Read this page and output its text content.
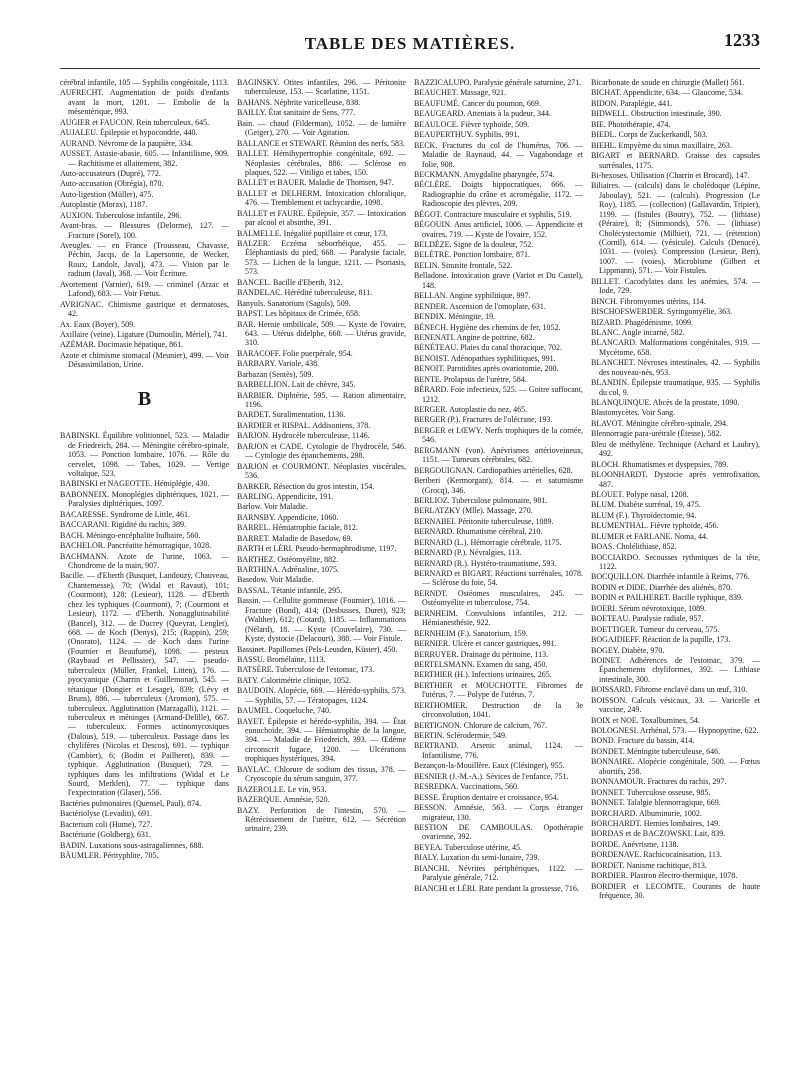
TABLE DES MATIÈRES.	1233

cérébral infantile, 105 — Syphilis congénitale, 1113.

AUFRECHT. Augmentation de poids d'enfants avant la mort, 1201. — Embolie de la mésentérique, 993.

AUGIER et FAUCON. Rein tuberculeux, 645.

AUJALEU. Épilepsie et hypocondrie, 440.

AURAND. Névrome de la paupière, 334.

AUSSET. Astasie-abasie, 605. — Infantilisme, 909. — Rachitisme et allaitement, 382.

Auto-accusateurs (Dupré), 772.

Auto-accusation (Obrégia), 870.

Auto-ligestion (Müller), 475.

Autoplastie (Morax), 1187.

AUXION. Tuberculose infantile, 296.

Avant-bras. — Blessures (Delorme), 127. — Fracture (Sorel), 100.

Aveugles. — en France (Trousseau, Chavasse, Péchin, Jacqs, de la Lapersonne, de Wecker, Roux, Landolt, Javal), 473. — Vision par le radium (Javal), 368. — Voir Écriture.

Avortement (Varnier), 619. — criminel (Arzac et Lafond), 683. — Voir Fœtus.

AVRIGNAC. Chimisme gastrique et dermatoses, 42.

Ax. Eaux (Boyer), 509.

Axillaire (veine). Ligature (Dumoulin, Mériel), 741.

AZÉMAR. Docimasie hépatique, 861.

Azote et chimisme stomacal (Meunier), 499. — Voir Désassimilation, Urine.

B

BABINSKI. Équilibre volitionnel, 523. — Maladie de Friedreich, 284. — Méningite cérébro-spinale, 1053. — Ponction lombaire, 1076. — Rôle du cervelet, 1098. — Tabes, 1029. — Vertige voltaïque, 523.

BABINSKI et NAGEOTTE. Hémiplégie, 430.

BABONNEIX. Monoplégies diphtériques, 1021. — Paralysies diphtériques, 1097.

BACARESSE. Syndrome de Little, 461.

BACCARANI. Rigidité du rachis, 389.

BACH. Méningo-encéphalite bulbaire, 560.

BACHELOR. Pancréatite hémorragique, 1028.

BACHMANN. Azote de l'urine, 1063. — Chondrome de la main, 907.

Bacille. — d'Eberth (Busquet, Landouzy, Chauveau, Chantemesse), 70; (Widal et Ravaut), 101; (Courmont), 128; (Lesieur), 1128. — d'Eberth chez les typhiques (Courmont), 7; (Courmont et Lesieur), 1172. — d'Eberth. Nonagglutinabilité (Bancel), 312. — de Ducrey (Queyrat, Lenglet), 668. — de Koch (Denys), 215; (Rappin), 259; (Onorato), 1124. — de Koch dans l'urine (Fournier et Beaufumé), 1098. — pesteux (Raybaud et Pellissier), 547. — pseudo-tuberculeux (Müller, Frankel, Litten), 176. — pyocyanique (Charrin et Guillemonat), 545. — tétanique (Dongier et Lesage), 839; (Lévy et Bruns), 886. — tuberculeux (Aronson), 575. — tuberculeux. Agglutination (Marzagalli), 1121. — tuberculeux et méninges (Armand-Delille), 667. — tuberculeux. Formes actinomycosiques (Dalous), 519. — tuberculeux. Passage dans les chylifères (Nicolas et Descos), 691. — typhique (Cambier), 6; (Bodin et Pailheret), 839. — typhique. Agglutination (Busquet), 729. — typhiques dans les infiltrations (Widal et Le Sourd, Merklen), 77. — typhique dans l'expectoration (Glaser), 556.

Bactéries pulmonaires (Quensel, Paul), 874.

Bactériolyse (Levaditi), 691.

Bacterium coli (Hume), 727.

Bactériurie (Goldberg), 631.

BADIN. Luxations sous-astragaliennes, 688.

BÄUMLER. Pérityphlite, 705.

BAGINSKY. Otites infantiles, 296. — Péritonite tuberculeuse, 153. — Scarlatine, 1151.

BAHANS. Néphrite varicelleuse, 838.

BAILLY. État sanitaire de Sens, 777.

Bain. — chaud (Filderman), 1052. — de lumière (Geiger), 270. — Voir Agitation.

BALLANCE et STEWART. Réunion des nerfs, 583.

BALLET. Hémihypertrophie congénitale, 692. — Néoplasies cérébrales, 886. — Sclérose en plaques, 522. — Vitiligo et tabes, 150.

BALLET et BAUER. Maladie de Thomsen, 947.

BALLET et DELHERM. Intoxication chloralique, 476. — Tremblement et tachycardie, 1098.

BALLET et FAURE. Épilepsie, 357. — Intoxication par alcool et absinthe, 391.

BALMELLE. Inégalité pupillaire et cœur, 173.

BALZER. Eczéma séborrhéique, 455. — Éléphantiasis du pied, 668. — Paralysie faciale, 573. — Lichen de la langue, 1211. — Psoriasis, 573.

BANCEL. Bacille d'Eberth, 312.

BANDELAC. Hérédité tuberculeuse, 811.

Banyuls. Sanatorium (Sagols), 509.

BAPST. Les hôpitaux de Crimée, 658.

BAR. Hernie ombilicale, 509. — Kyste de l'ovaire, 643. — Utérus didelphe, 668. — Utérus gravide, 310.

BARACOFF. Folie puerpérale, 954.

BARBARY. Variole, 438.

Barbazan (Sentès), 509.

BARBELLION. Lait de chèvre, 345.

BARBIER. Diphtérie, 595. — Ration alimentaire, 1196.

BARDET. Suralimentation, 1136.

BARDIER et RISPAL. Addisoniens, 378.

BARJON. Hydrocèle tuberculeuse, 1146.

BARJON et CADE. Cytologie de l'hydrocèle, 546. — Cytologie des épanchements, 298.

BARJON et COURMONT. Néoplasies viscérales, 536.

BARKER. Résection du gros intestin, 154.

BARLING. Appendicite, 191.

Barlow. Voir Maladie.

BARNSBY. Appendicite, 1060.

BARREL. Hémiatrophie faciale, 812.

BARRET. Maladie de Basedow, 69.

BARTH et LÉRI. Pseudo-hermaphrodisme, 1197.

BARTHEZ. Ostéomyélite, 882.

BARTHINA. Adrénaline, 1075.

Basedow. Voir Maladie.

BASSAL. Tétanie infantile, 295.

Bassin. — Cellulite gommeuse (Fournier), 1016. — Fracture (Bond), 414; (Desbusses, Duret), 923; (Walther), 612; (Cotard), 1185. — Inflammations (Nélard), 18. — Kyste (Couvelaire), 730. — Kyste, dystocie (Delacourt), 388. — Voir Fistule.

Bassinet. Papillomes (Pels-Leusden, Küster), 450.

BASSU. Bromélaïne, 1113.

BATSÈRE. Tuberculose de l'estomac, 173.

BATY. Calorimétrie clinique, 1052.

BAUDOIN. Alopécie, 669. — Hérédo-syphilis, 573. — Syphilis, 57. — Tératopages, 1124.

BAUMEL. Coqueluche, 740.

BAYET. Épilepsie et hérédo-syphilis, 394. — État eunuchoïde, 394. — Hémiatrophie de la langue, 394. — Maladie de Friedreich, 393. — Œdème circonscrit fugace, 1200. — Ulcérations trophiques hystériques, 394.

BAYLAC. Chlorure de sodium des tissus, 378. — Cryoscopie du sérum sanguin, 377.

BAZEROLLE. Le vin, 953.

BAZERQUE. Amnésie, 520.

BAZY. Perforation de l'intestin, 570. — Rétrécissement de l'urètre, 612. — Sécrétion urinaire, 239.

BAZZICALUPO. Paralysie générale saturnine, 271.

BEAUCHET. Massage, 921.

BEAUFUMÉ. Cancer du poumon, 669.

BEAUGEARD. Attentats à la pudeur, 344.

BEAULOCE. Fièvre typhoïde, 509.

BEAUPERTHUY. Syphilis, 991.

BECK. Fractures du col de l'humérus, 706. — Maladie de Raynaud, 44. — Vagabondage et folie, 908.

BECKMANN. Amygdalite pharyngée, 574.

BÉCLÈRE. Doigts hippocratiques, 666. — Radiographie du crâne et acromégalie, 1172. — Radioscopie des plèvres, 209.

BÉGOT. Contracture musculaire et syphilis, 519.

BÉGOUIN. Anus artificiel, 1006. — Appendicite et ovaires, 719. — Kyste de l'ovaire, 152.

BELDÈZE. Signe de la douleur, 752.

BELÈTRE. Ponction lombaire, 871.

BELIN. Sinusite frontale, 522.

Belladone. Intoxication grave (Variot et Du Castel), 148.

BELLAN. Angine syphilitique, 997.

BENDER. Ascension de l'omoplate, 631.

BENDIX. Méningite, 19.

BÉNECH. Hygiène des chemins de fer, 1052.

BENENATI. Angine de poitrine, 682.

BÉNÉTEAU. Plaies du canal thoracique, 702.

BENOIST. Adénopathies syphilitiques, 991.

BENOIT. Parotidites après ovariotomie, 200.

BENTE. Prolapsus de l'urètre, 584.

BÉRARD. Foie infectieux, 525. — Goitre suffocant, 1212.

BERGER. Autoplastie du nez, 465.

BERGER (P.). Fractures de l'olécrane, 193.

BERGER et LŒWY. Nerfs trophiques de la cornée, 546.

BERGMANN (von). Anévrismes artérioveineux, 1151. — Tumeurs cérébrales, 682.

BERGOUIGNAN. Cardiopathies artérielles, 628.

Beriberi (Kermorgant), 814. — et saturnisme (Grocq), 346.

BERLIOZ. Tuberculose pulmonaire, 981.

BERLATZKY (Mlle). Massage, 270.

BERNABEI. Péritonite tuberculeuse, 1089.

BERNARD. Rhumatisme cérébral, 210.

BERNARD (L.). Hémorragie cérébrale, 1175.

BERNARD (P.). Névralgies, 113.

BERNARD (R.). Hystéro-traumatisme, 593.

BERNARD et BIGART. Réactions surrénales, 1078. — Sclérose du foie, 54.

BERNDT. Ostéomes musculaires, 245. — Ostéomyélite et tuberculose, 754.

BERNHEIM. Convulsions infantiles, 212. — Hémianesthésie, 922.

BERNHEIM (F.). Sanatorium, 159.

BERNIER. Ulcère et cancer gastriques, 991.

BERRUYER. Drainage du péritoine, 113.

BERTELSMANN. Examen du sang, 450.

BERTHIER (H.). Infections urinaires, 265.

BERTHIER et MOUCHOTTE. Fibromes de l'utérus, 7. — Polype de l'utérus, 7.

BERTHOMIER. Destruction de la 3e circonvolution, 1041.

BERTIGNON. Chlorure de calcium, 767.

BERTIN. Sclérodermie, 549.

BERTRAND. Arsenic animal, 1124. — Infantilisme, 776.

Bezançon-la-Mouillère. Eaux (Clésinger), 955.

BESNIER (J.-M.-A.). Sévices de l'enfance, 751.

BESREDKA. Vaccinations, 560.

BESSE. Éruption dentaire et croissance, 954.

BESSON. Amnésie, 563. — Corps étranger migrateur, 130.

BESTION DE CAMBOULAS. Opothérapie ovarienne, 392.

BEYEA. Tuberculose utérine, 45.

BIALY. Luxation du semi-lunaire, 739.

BIANCHI. Névrites périphériques, 1122. — Paralysie générale, 712.

BIANCHI et LÉRI. Rate pendant la grossesse, 716.

Bicarbonate de soude en chirurgie (Mallet) 561.

BICHAT. Appendicite, 634. — Glaucome, 534.

BIDON. Paraplégie, 441.

BIDWELL. Obstruction intestinale, 390.

BIE. Photothérapie, 474.

BIEDL. Corps de Zuckerkandl, 503.

BIEHL. Empyème du sinus maxillaire, 263.

BIGART et BERNARD. Graisse des capsules surrénales, 1175.

Bi-hexoses. Utilisation (Charrin et Brocard), 147.

Biliaires. — (calculs) dans le cholédoque (Lépine, Jaboulay), 521. — (calculs). Progression (Le Roy), 1185. — (collection) (Gallavardin, Tripier), 1199. — (fistules (Boutry), 752. — (lithiase) (Péraire), 8; (Simmonds), 576. — (lithiase) Cholécystectomie (Milhiet), 721. — (rétention) (Cornil), 614. — (vésicule). Calculs (Denucé), 1031. — (voies). Compression (Lesieur, Bert), 1007. — (voies). Microbisme (Gilbert et Lippmann), 571. — Voir Fistules.

BILLET. Cacodylates dans les anémies, 574. — Iode, 729.

BINCH. Fibromyomes utérins, 114.

BISCHOFSWERDER. Syringomyélie, 363.

BIZARD. Phagédénisme, 1099.

BLANC. Angle incarné, 582.

BLANCARD. Malformations congénitales, 919. — Mycétome, 658.

BLANCHET. Névroses intestinales, 42. — Syphilis des nouveau-nés, 953.

BLANDIN. Épilepsie traumatique, 935. — Syphilis du col, 9.

BLANQUINQUE. Abcès de la prostate, 1090.

Blastomycètes. Voir Sang.

BLAVOT. Méningite cérébro-spinale, 294.

Blennorragie para-urétrale (Étesse), 582.

Bleu de méthylène. Technique (Achard et Laubry), 492.

BLOCH. Rhumatismes et dyspepsies, 789.

BLOONHARDT. Dystocie après ventrofixation, 487.

BLOUET. Polype nasal, 1208.

BLUM. Diabète surrénal, 19, 475.

BLUM (F.). Thyroïdectomie, 94.

BLUMENTHAL. Fièvre typhoïde, 456.

BLUMER et FARLANE. Noma, 44.

BOAS. Cholélithiase, 852.

BOCCIARDO. Secousses rythmiques de la tête, 1122.

BOCQUILLON. Diarrhée infantile à Reims, 776.

BODIN et DIDE. Diarrhée des aliénés, 870.

BODIN et PAILHERET. Bacille typhique, 839.

BOERI. Sérum névrotoxique, 1089.

BOETEAU. Paralysie radiale, 957.

BOETTIGER. Tumeur du cerveau, 575.

BOGAJDIEFF. Réaction de la pupille, 173.

BOGEY. Diabète, 970.

BOINET. Adhérences de l'estomac, 379. — Épanchements chyliformes, 392. — Lithiase intestinale, 300.

BOISSARD. Fibrome enclavé dans un œuf, 310.

BOISSON. Calculs vésicaux, 33. — Varicelle et vaccine, 249.

BOIX et NOE. Toxalbumines, 54.

BOLOGNESI. Arrhénal, 573. — Hypnopyrine, 622.

BOND. Fracture du bassin, 414.

BONDET. Méningite tuberculeuse, 646.

BONNAIRE. Alopécie congénitale, 500. — Fœtus abortifs, 258.

BONNAMOUR. Fractures du rachis, 297.

BONNET. Tuberculose osseuse, 985.

BONNET. Talalgie blennorragique, 669.

BORCHARD. Albuminurie, 1002.

BORCHARDT. Hernies lombaires, 149.

BORDAS et de BACZOWSKI. Lait, 839.

BORDE. Anévrisme, 1138.

BORDENAVE. Rachicocainisation, 113.

BORDET. Nanisme rachitique, 813.

BORDIER. Plastron électro-thermique, 1078.

BORDIER et LECOMTE. Courants de haute fréquence, 30.
